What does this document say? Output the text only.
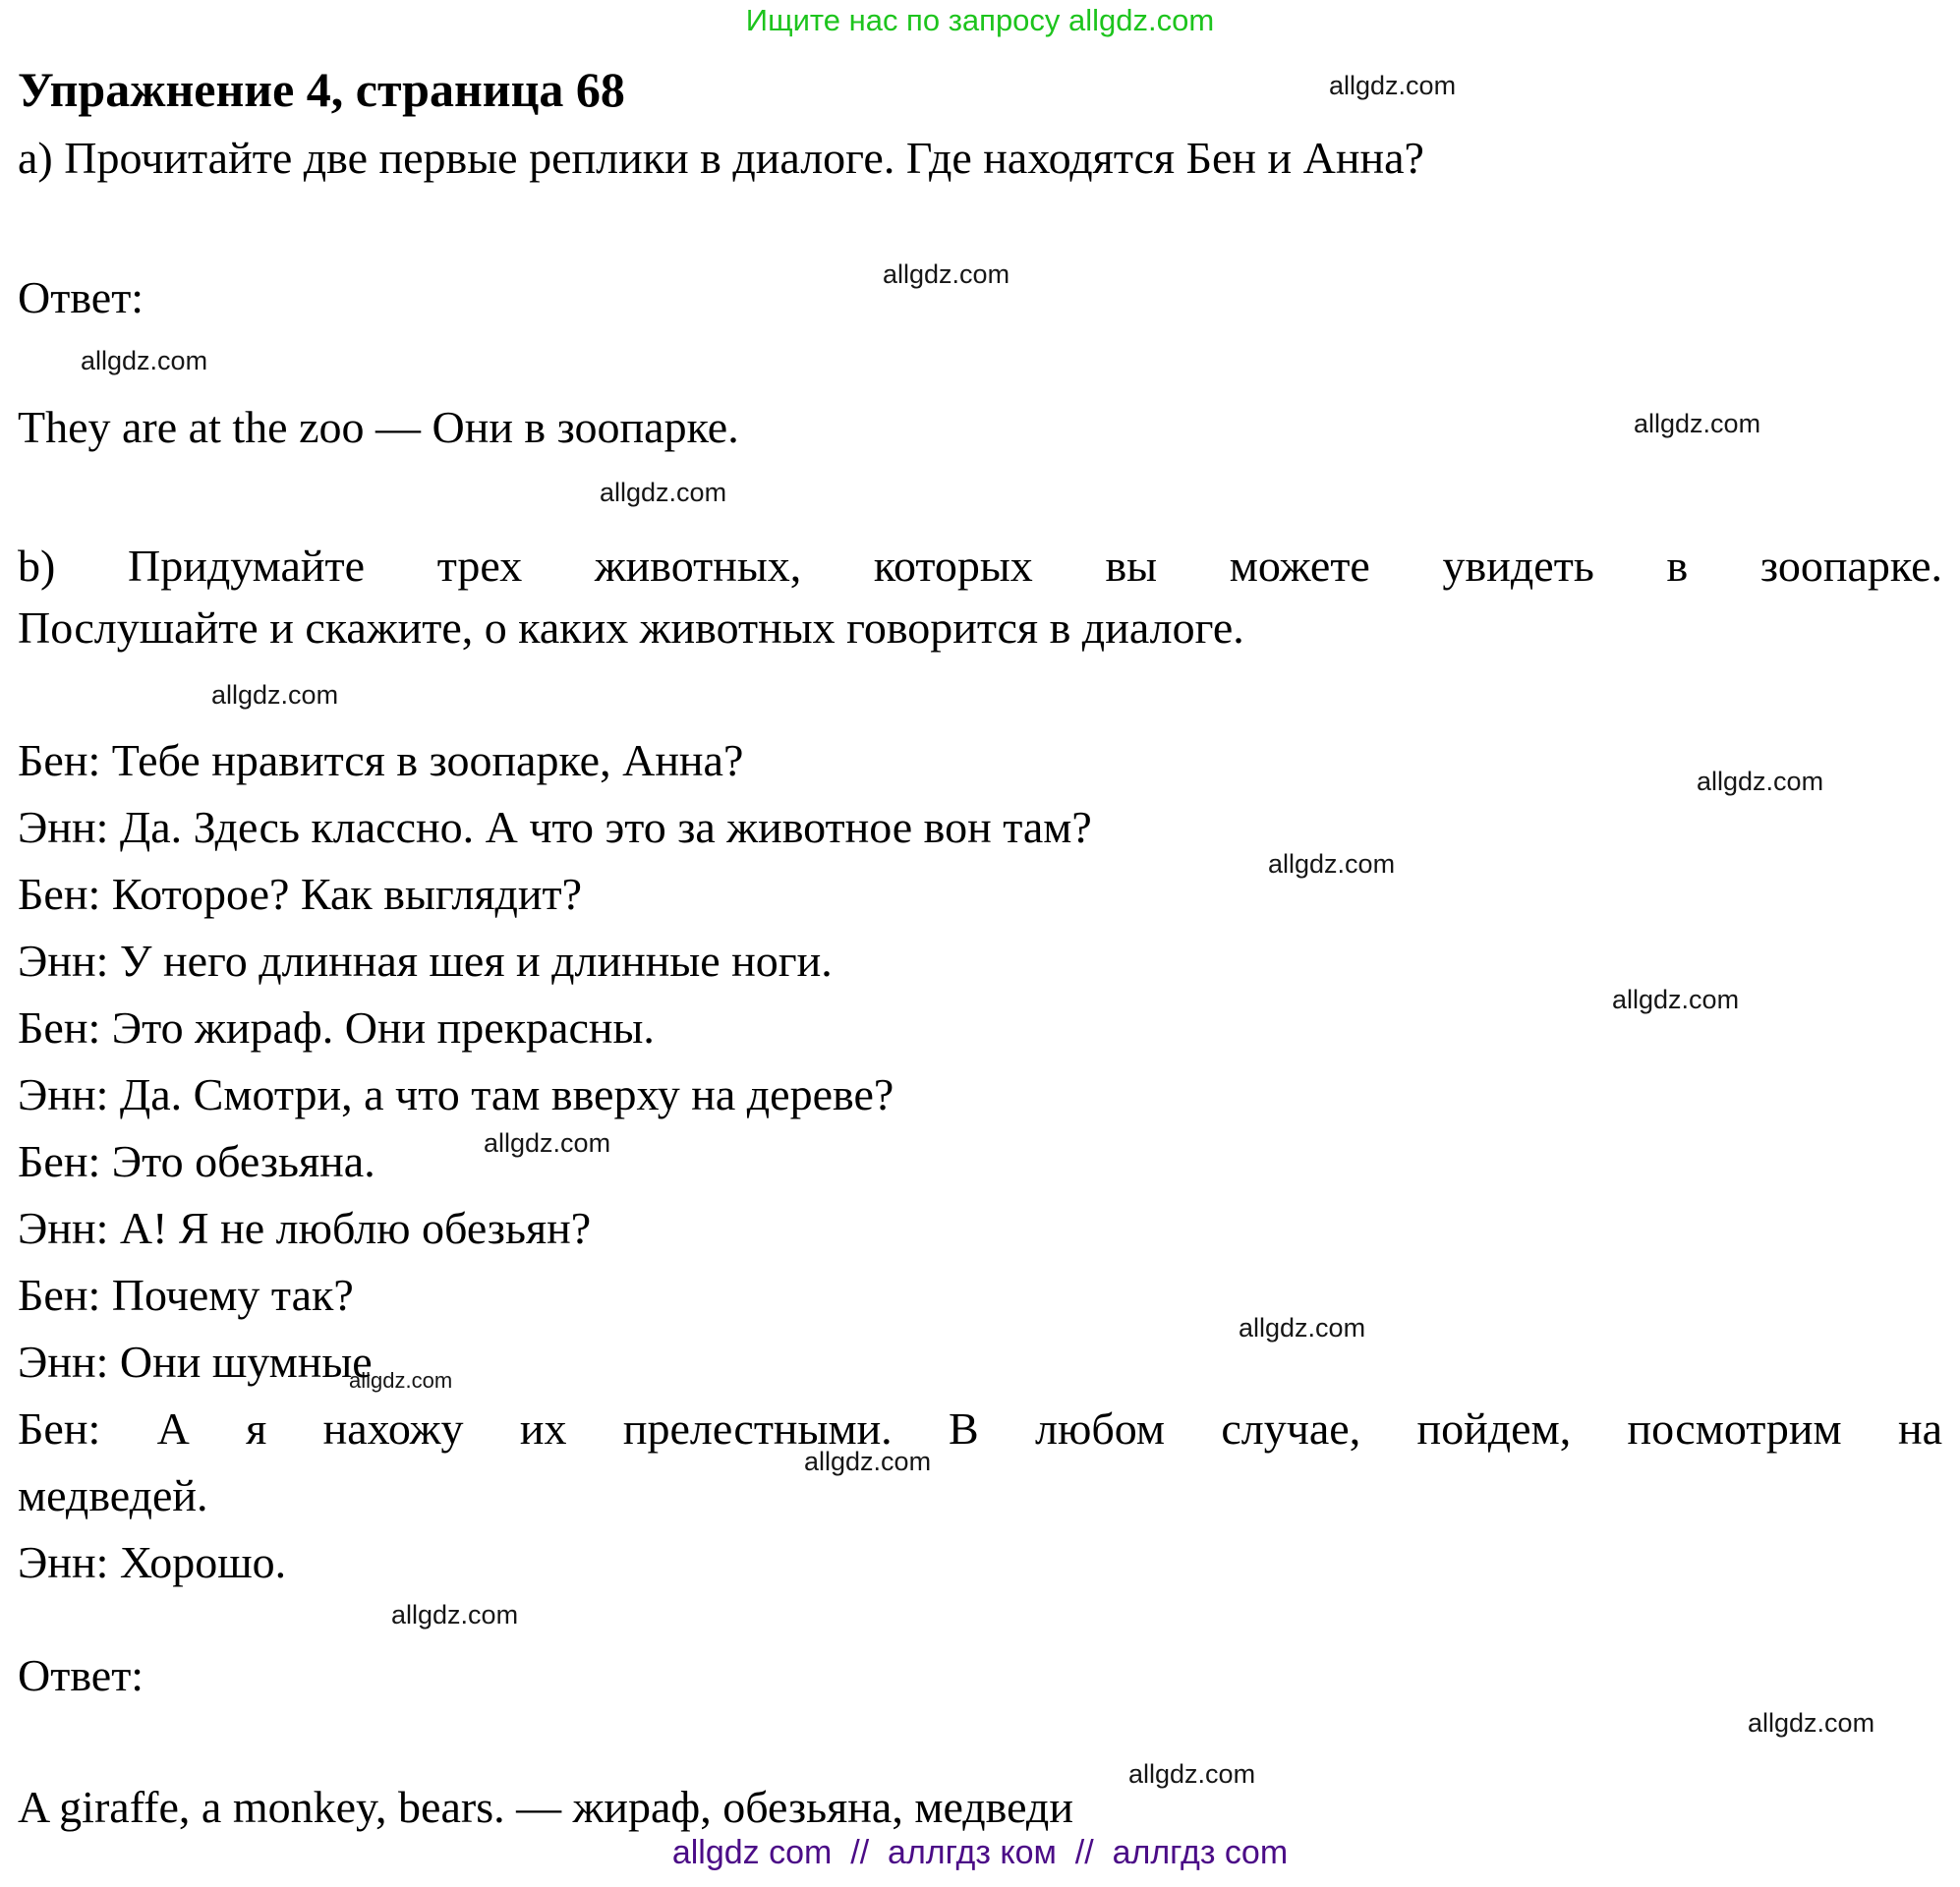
Ищите нас по запросу allgdz.com
allgdz.com
allgdz.com
allgdz.com
allgdz.com
allgdz.com
allgdz.com
allgdz.com
allgdz.com
allgdz.com
allgdz.com
allgdz.com
allgdz.com
allgdz.com
allgdz.com
allgdz.com
allgdz.com
Упражнение 4, страница 68
а) Прочитайте две первые реплики в диалоге. Где находятся Бен и Анна?
Ответ:
They are at the zoo — Они в зоопарке.
b) Придумайте трех животных, которых вы можете увидеть в зоопарке.
Послушайте и скажите, о каких животных говорится в диалоге.
Бен: Тебе нравится в зоопарке, Анна?
Энн: Да. Здесь классно. А что это за животное вон там?
Бен: Которое? Как выглядит?
Энн: У него длинная шея и длинные ноги.
Бен: Это жираф. Они прекрасны.
Энн: Да. Смотри, а что там вверху на дереве?
Бен: Это обезьяна.
Энн: А! Я не люблю обезьян?
Бен: Почему так?
Энн: Они шумные
Бен: А я нахожу их прелестными. В любом случае, пойдем, посмотрим на
медведей.
Энн: Хорошо.
Ответ:
A giraffe, a monkey, bears. — жираф, обезьяна, медведи
allgdz com  //  аллгдз ком  //  аллгдз com
